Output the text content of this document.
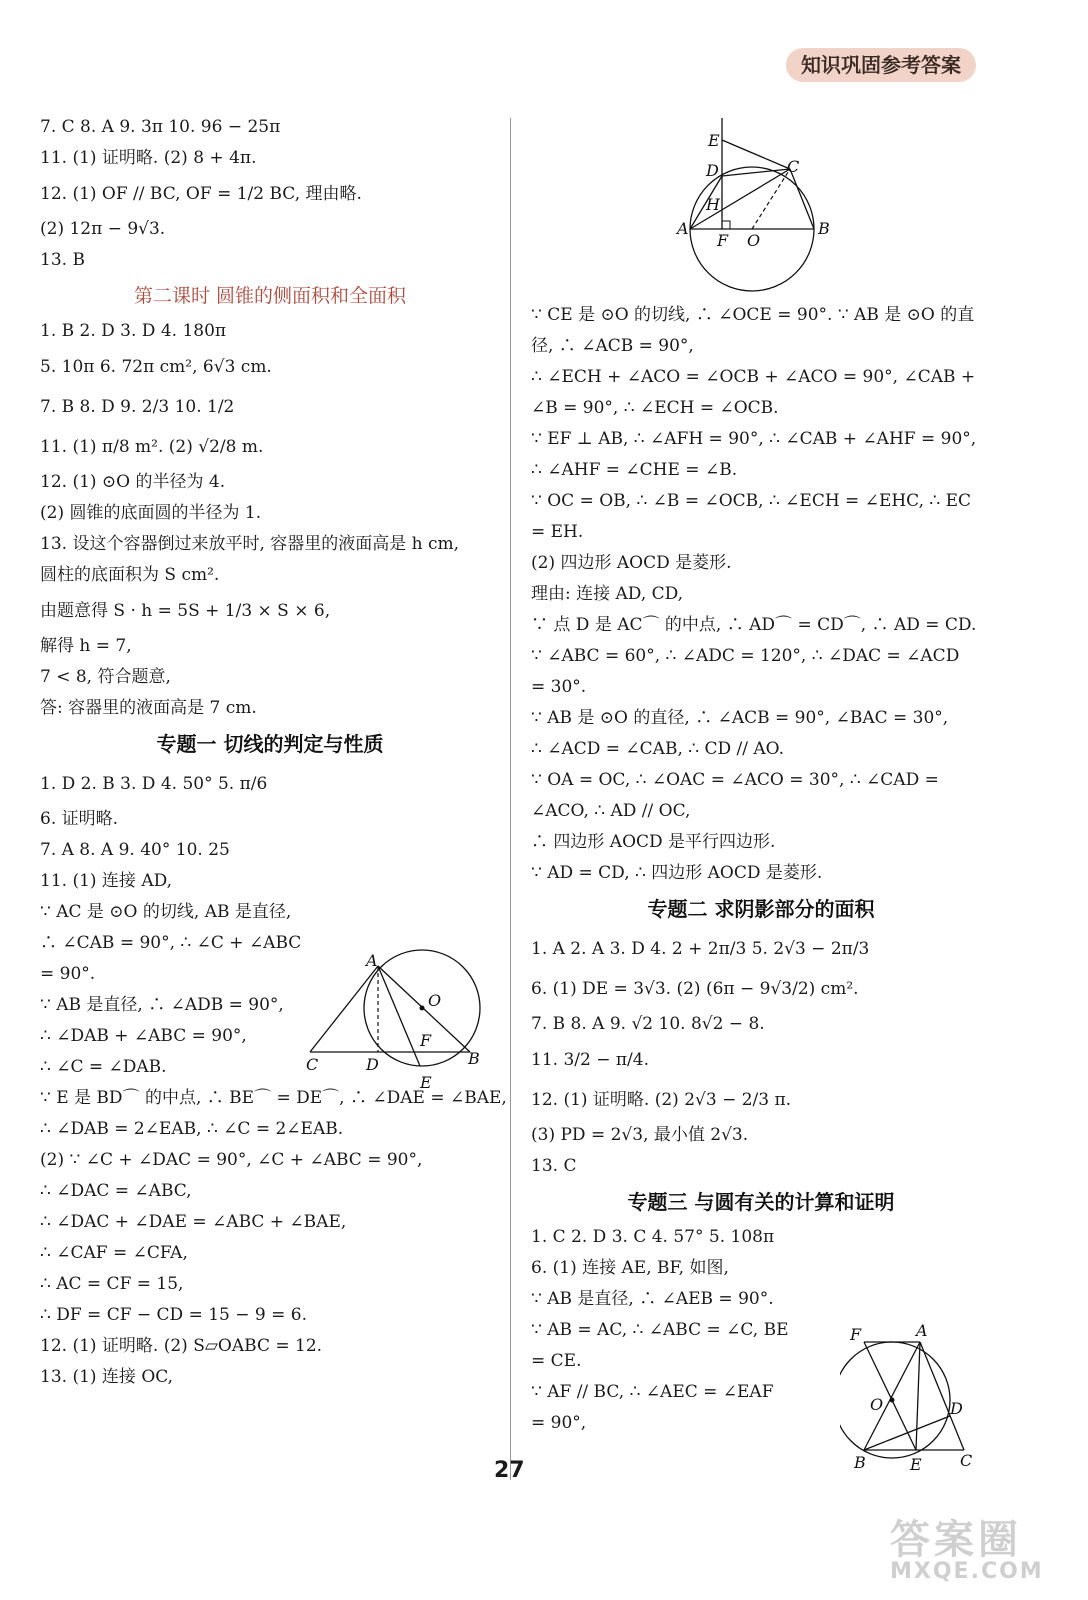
知识巩固参考答案
7. C 8. A 9. 3π 10. 96 − 25π
11. (1) 证明略. (2) 8 + 4π.
12. (1) OF // BC, OF = 1/2 BC, 理由略.
(2) 12π − 9√3.
13. B
第二课时 圆锥的侧面积和全面积
1. B 2. D 3. D 4. 180π
5. 10π 6. 72π cm², 6√3 cm.
7. B 8. D 9. 2/3 10. 1/2
11. (1) π/8 m². (2) √2/8 m.
12. (1) ⊙O 的半径为 4.
(2) 圆锥的底面圆的半径为 1.
13. 设这个容器倒过来放平时, 容器里的液面高是 h cm,
圆柱的底面积为 S cm².
由题意得 S · h = 5S + 1/3 × S × 6,
解得 h = 7,
7 < 8, 符合题意,
答: 容器里的液面高是 7 cm.
专题一 切线的判定与性质
1. D 2. B 3. D 4. 50° 5. π/6
6. 证明略.
7. A 8. A 9. 40° 10. 25
11. (1) 连接 AD,
∵ AC 是 ⊙O 的切线, AB 是直径, ∴ ∠CAB = 90°, ∴ ∠C + ∠ABC = 90°.
∵ AB 是直径, ∴ ∠ADB = 90°,
∴ ∠DAB + ∠ABC = 90°,
∴ ∠C = ∠DAB.
∵ E 是 BD⌒ 的中点, ∴ BE⌒ = DE⌒, ∴ ∠DAE = ∠BAE,
∴ ∠DAB = 2∠EAB, ∴ ∠C = 2∠EAB.
(2) ∵ ∠C + ∠DAC = 90°, ∠C + ∠ABC = 90°,
∴ ∠DAC = ∠ABC,
∴ ∠DAC + ∠DAE = ∠ABC + ∠BAE,
∴ ∠CAF = ∠CFA,
∴ AC = CF = 15,
∴ DF = CF − CD = 15 − 9 = 6.
12. (1) 证明略. (2) S▱OABC = 12.
13. (1) 连接 OC,
∵ CE 是 ⊙O 的切线, ∴ ∠OCE = 90°. ∵ AB 是 ⊙O 的直
径, ∴ ∠ACB = 90°,
∴ ∠ECH + ∠ACO = ∠OCB + ∠ACO = 90°, ∠CAB +
∠B = 90°, ∴ ∠ECH = ∠OCB.
∵ EF ⊥ AB, ∴ ∠AFH = 90°, ∴ ∠CAB + ∠AHF = 90°,
∴ ∠AHF = ∠CHE = ∠B.
∵ OC = OB, ∴ ∠B = ∠OCB, ∴ ∠ECH = ∠EHC, ∴ EC
= EH.
(2) 四边形 AOCD 是菱形.
理由: 连接 AD, CD,
∵ 点 D 是 AC⌒ 的中点, ∴ AD⌒ = CD⌒, ∴ AD = CD.
∵ ∠ABC = 60°, ∴ ∠ADC = 120°, ∴ ∠DAC = ∠ACD
= 30°.
∵ AB 是 ⊙O 的直径, ∴ ∠ACB = 90°, ∠BAC = 30°,
∴ ∠ACD = ∠CAB, ∴ CD // AO.
∵ OA = OC, ∴ ∠OAC = ∠ACO = 30°, ∴ ∠CAD =
∠ACO, ∴ AD // OC,
∴ 四边形 AOCD 是平行四边形.
∵ AD = CD, ∴ 四边形 AOCD 是菱形.
专题二 求阴影部分的面积
1. A 2. A 3. D 4. 2 + 2π/3 5. 2√3 − 2π/3
6. (1) DE = 3√3. (2) (6π − 9√3/2) cm².
7. B 8. A 9. √2 10. 8√2 − 8.
11. 3/2 − π/4.
12. (1) 证明略. (2) 2√3 − 2/3 π.
(3) PD = 2√3, 最小值 2√3.
13. C
专题三 与圆有关的计算和证明
1. C 2. D 3. C 4. 57° 5. 108π
6. (1) 连接 AE, BF, 如图,
∵ AB 是直径, ∴ ∠AEB = 90°.
∵ AB = AC, ∴ ∠ABC = ∠C, BE = CE.
∵ AF // BC, ∴ ∠AEC = ∠EAF = 90°,
E
D	C
H
A
F O
B
A
O
F
C	D	B
E
F	A
O	D
B	E C
27
答案圈
MXQE.COM
